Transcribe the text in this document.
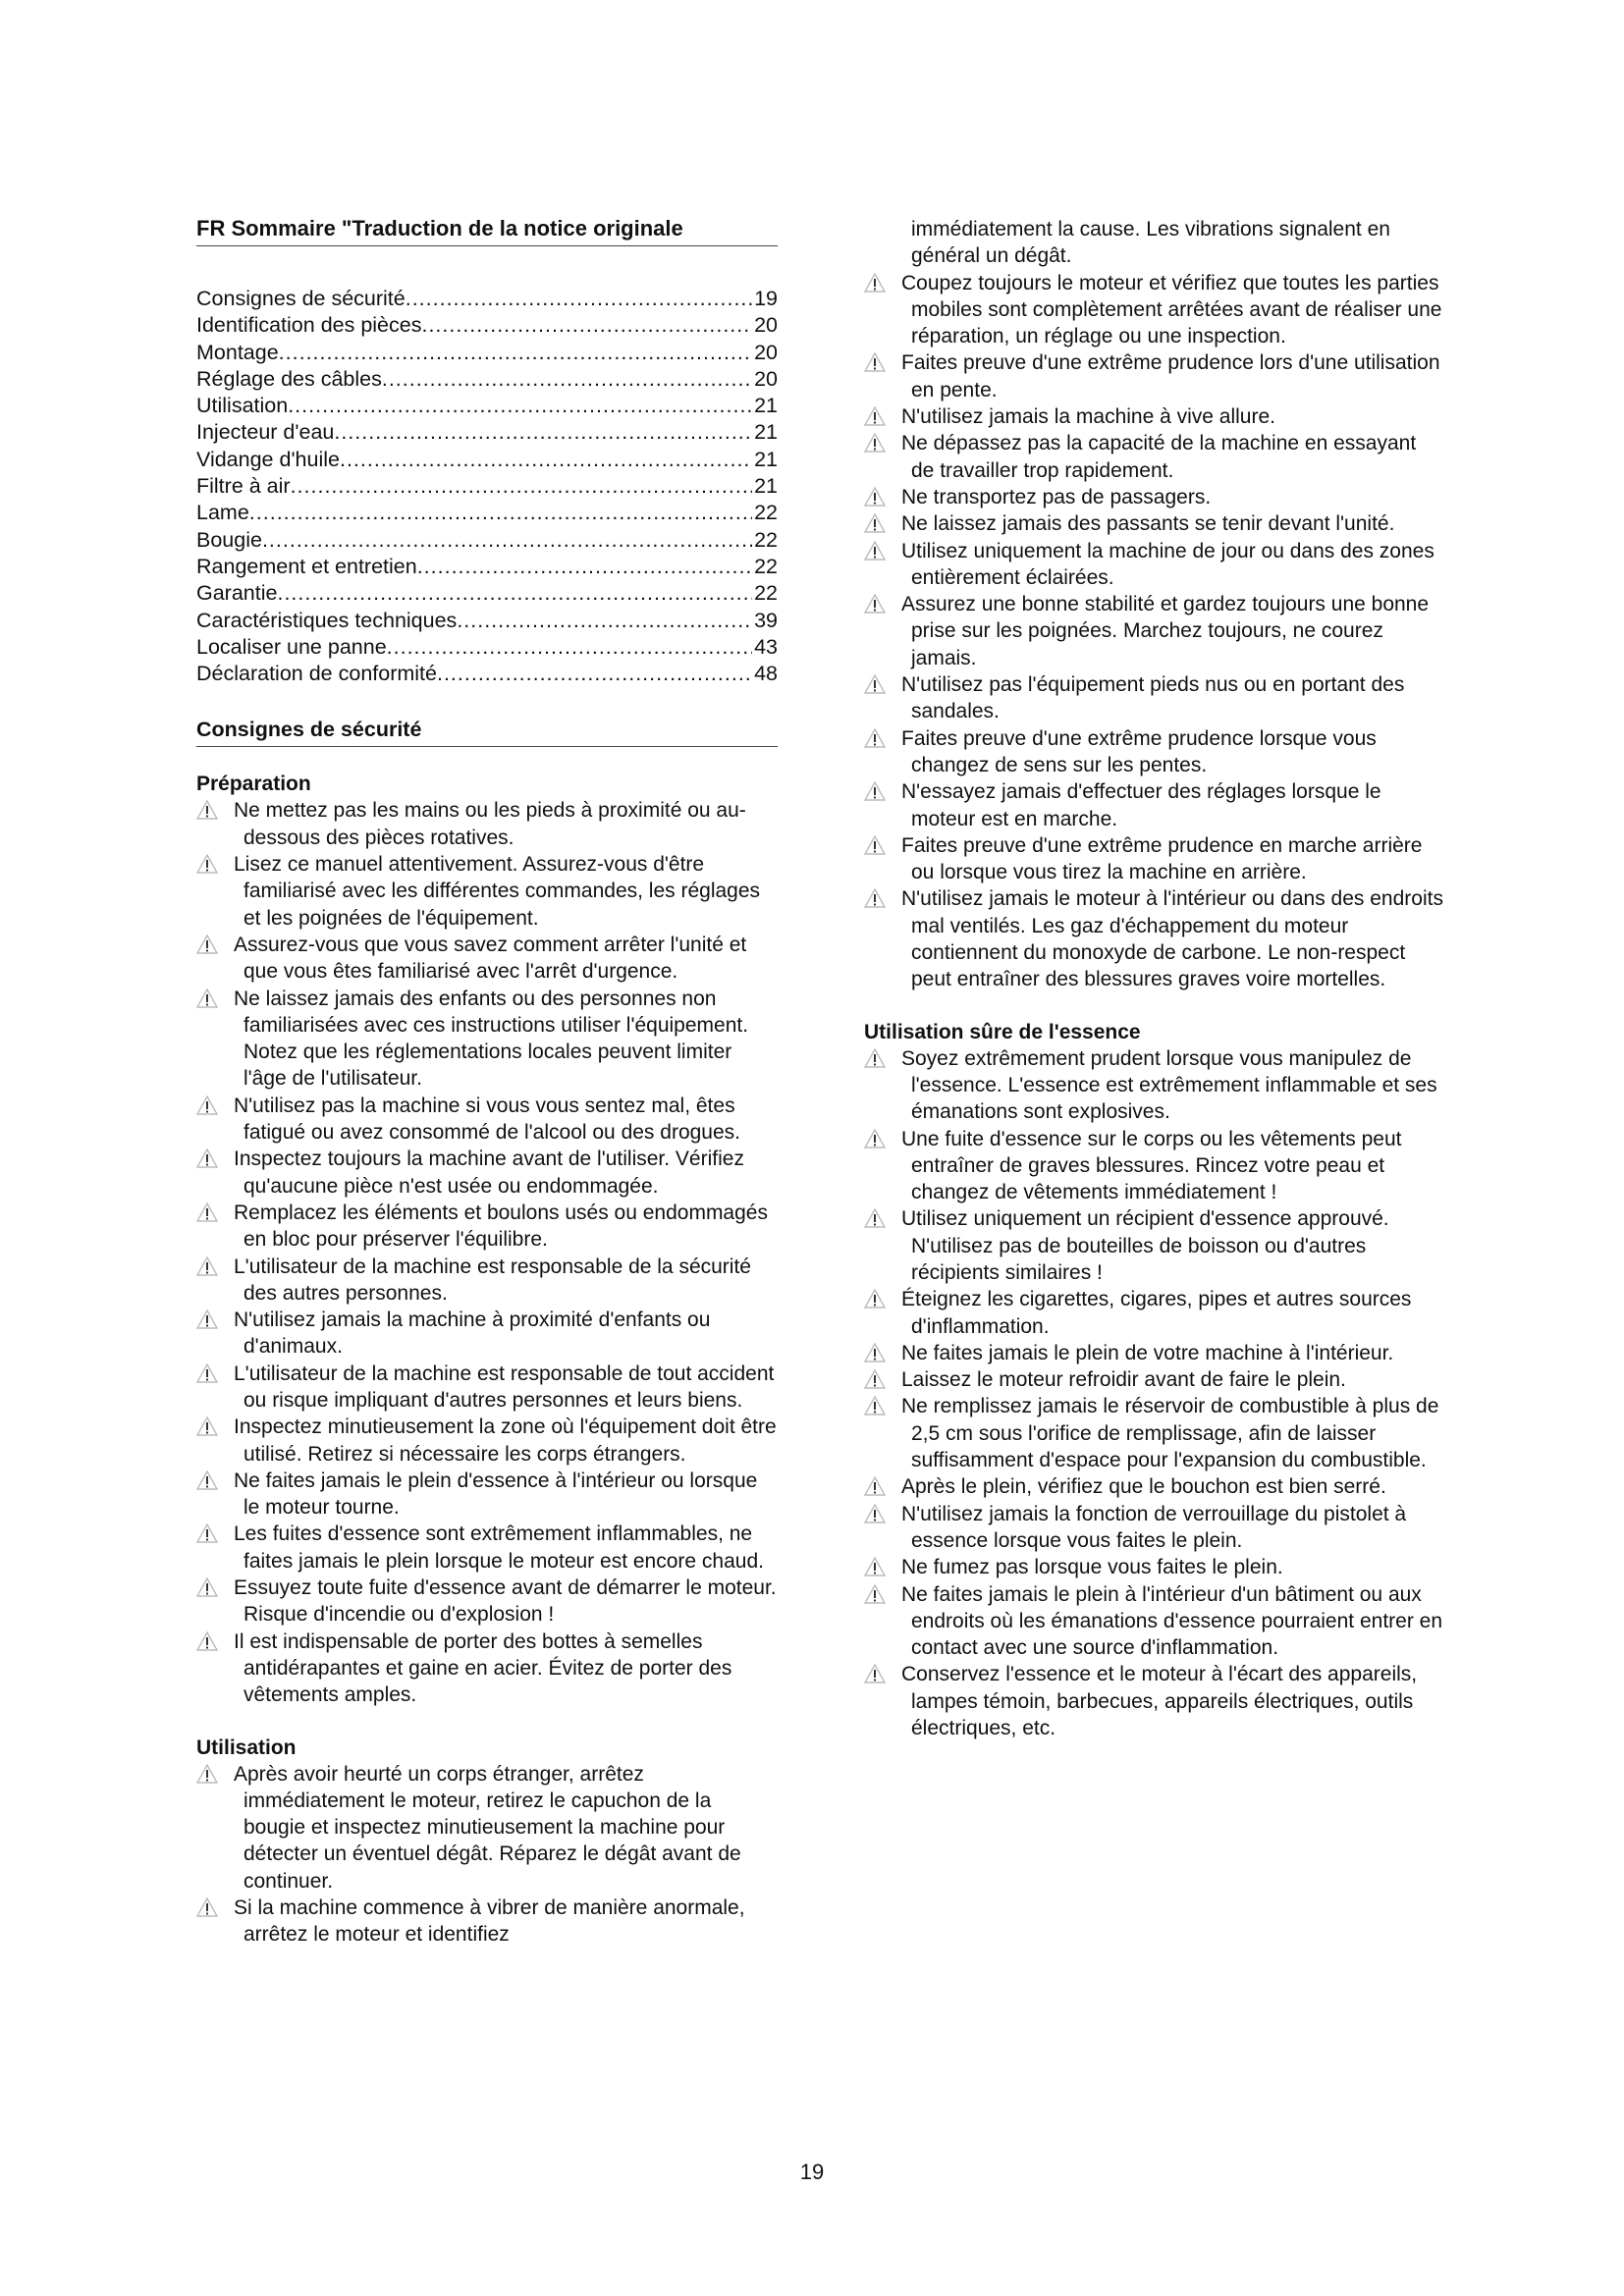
FR Sommaire "Traduction de la notice originale
Consignes de sécurité .....	19
Identification des pièces .....	20
Montage .....	20
Réglage des câbles .....	20
Utilisation .....	21
Injecteur d'eau .....	21
Vidange d'huile .....	21
Filtre à air .....	21
Lame .....	22
Bougie .....	22
Rangement et entretien .....	22
Garantie .....	22
Caractéristiques techniques .....	39
Localiser une panne .....	43
Déclaration de conformité .....	48
Consignes de sécurité
Préparation
Ne mettez pas les mains ou les pieds à proximité ou au-dessous des pièces rotatives.
Lisez ce manuel attentivement. Assurez-vous d'être familiarisé avec les différentes commandes, les réglages et les poignées de l'équipement.
Assurez-vous que vous savez comment arrêter l'unité et que vous êtes familiarisé avec l'arrêt d'urgence.
Ne laissez jamais des enfants ou des personnes non familiarisées avec ces instructions utiliser l'équipement. Notez que les réglementations locales peuvent limiter l'âge de l'utilisateur.
N'utilisez pas la machine si vous vous sentez mal, êtes fatigué ou avez consommé de l'alcool ou des drogues.
Inspectez toujours la machine avant de l'utiliser. Vérifiez qu'aucune pièce n'est usée ou endommagée.
Remplacez les éléments et boulons usés ou endommagés en bloc pour préserver l'équilibre.
L'utilisateur de la machine est responsable de la sécurité des autres personnes.
N'utilisez jamais la machine à proximité d'enfants ou d'animaux.
L'utilisateur de la machine est responsable de tout accident ou risque impliquant d'autres personnes et leurs biens.
Inspectez minutieusement la zone où l'équipement doit être utilisé. Retirez si nécessaire les corps étrangers.
Ne faites jamais le plein d'essence à l'intérieur ou lorsque le moteur tourne.
Les fuites d'essence sont extrêmement inflammables, ne faites jamais le plein lorsque le moteur est encore chaud.
Essuyez toute fuite d'essence avant de démarrer le moteur. Risque d'incendie ou d'explosion !
Il est indispensable de porter des bottes à semelles antidérapantes et gaine en acier. Évitez de porter des vêtements amples.
Utilisation
Après avoir heurté un corps étranger, arrêtez immédiatement le moteur, retirez le capuchon de la bougie et inspectez minutieusement la machine pour détecter un éventuel dégât. Réparez le dégât avant de continuer.
Si la machine commence à vibrer de manière anormale, arrêtez le moteur et identifiez
immédiatement la cause. Les vibrations signalent en général un dégât.
Coupez toujours le moteur et vérifiez que toutes les parties mobiles sont complètement arrêtées avant de réaliser une réparation, un réglage ou une inspection.
Faites preuve d'une extrême prudence lors d'une utilisation en pente.
N'utilisez jamais la machine à vive allure.
Ne dépassez pas la capacité de la machine en essayant de travailler trop rapidement.
Ne transportez pas de passagers.
Ne laissez jamais des passants se tenir devant l'unité.
Utilisez uniquement la machine de jour ou dans des zones entièrement éclairées.
Assurez une bonne stabilité et gardez toujours une bonne prise sur les poignées. Marchez toujours, ne courez jamais.
N'utilisez pas l'équipement pieds nus ou en portant des sandales.
Faites preuve d'une extrême prudence lorsque vous changez de sens sur les pentes.
N'essayez jamais d'effectuer des réglages lorsque le moteur est en marche.
Faites preuve d'une extrême prudence en marche arrière ou lorsque vous tirez la machine en arrière.
N'utilisez jamais le moteur à l'intérieur ou dans des endroits mal ventilés. Les gaz d'échappement du moteur contiennent du monoxyde de carbone. Le non-respect peut entraîner des blessures graves voire mortelles.
Utilisation sûre de l'essence
Soyez extrêmement prudent lorsque vous manipulez de l'essence. L'essence est extrêmement inflammable et ses émanations sont explosives.
Une fuite d'essence sur le corps ou les vêtements peut entraîner de graves blessures. Rincez votre peau et changez de vêtements immédiatement !
Utilisez uniquement un récipient d'essence approuvé. N'utilisez pas de bouteilles de boisson ou d'autres récipients similaires !
Éteignez les cigarettes, cigares, pipes et autres sources d'inflammation.
Ne faites jamais le plein de votre machine à l'intérieur.
Laissez le moteur refroidir avant de faire le plein.
Ne remplissez jamais le réservoir de combustible à plus de 2,5 cm sous l'orifice de remplissage, afin de laisser suffisamment d'espace pour l'expansion du combustible.
Après le plein, vérifiez que le bouchon est bien serré.
N'utilisez jamais la fonction de verrouillage du pistolet à essence lorsque vous faites le plein.
Ne fumez pas lorsque vous faites le plein.
Ne faites jamais le plein à l'intérieur d'un bâtiment ou aux endroits où les émanations d'essence pourraient entrer en contact avec une source d'inflammation.
Conservez l'essence et le moteur à l'écart des appareils, lampes témoin, barbecues, appareils électriques, outils électriques, etc.
19
